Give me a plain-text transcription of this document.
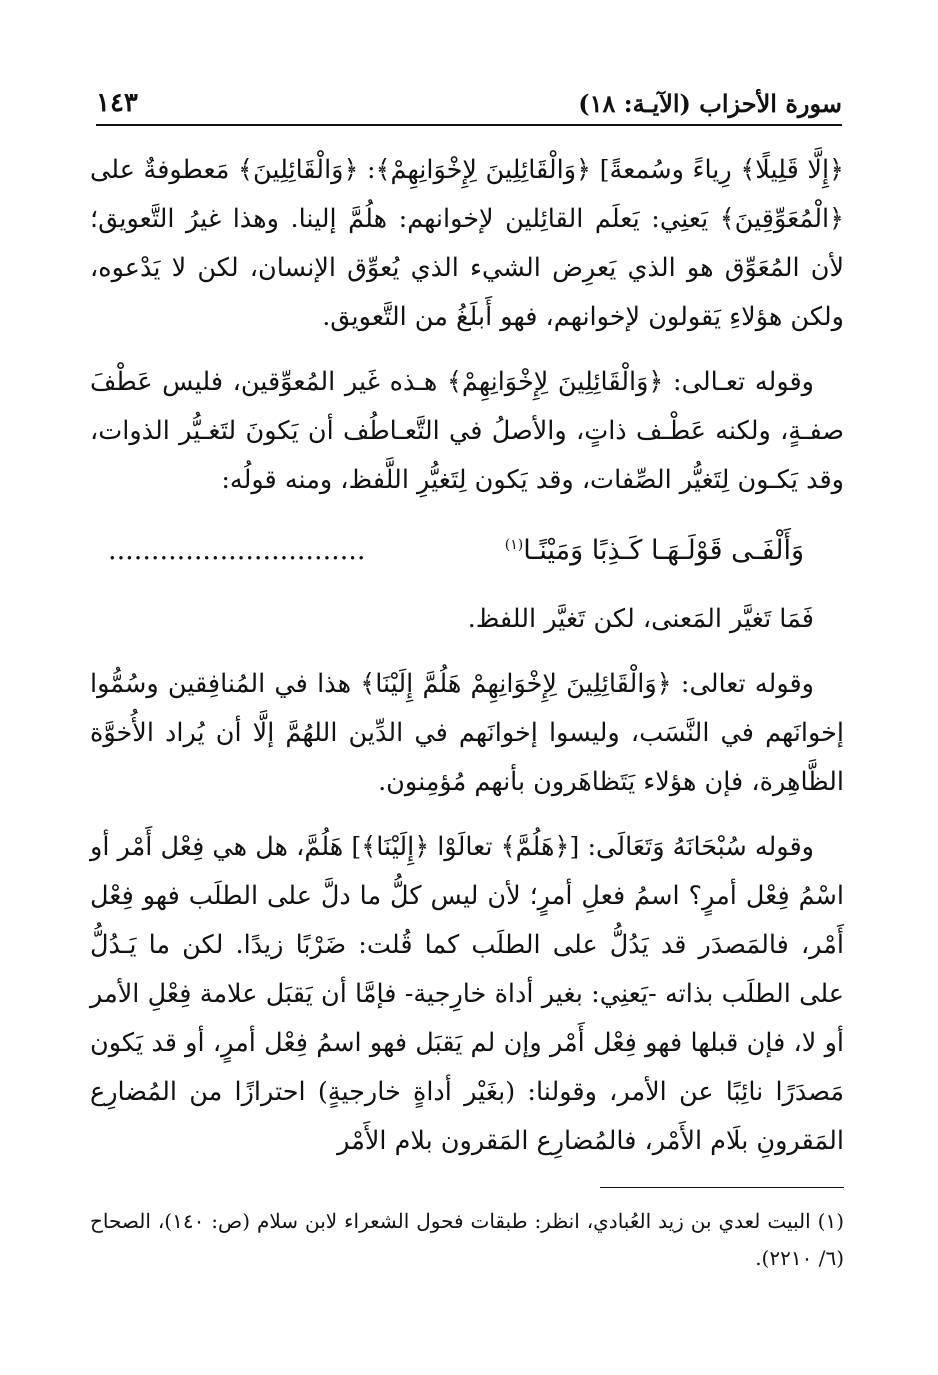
سورة الأحزاب (الآيـة: ١٨)
١٤٣

﴿إِلَّا قَلِيلًا﴾ رِياءً وسُمعةً] ﴿وَالْقَائِلِينَ لِإِخْوَانِهِمْ﴾: ﴿وَالْقَائِلِينَ﴾ مَعطوفةٌ على ﴿الْمُعَوِّقِينَ﴾ يَعنِي: يَعلَم القائِلين لإخوانهم: هلُمَّ إلينا. وهذا غيرُ التَّعويق؛ لأن المُعَوِّق هو الذي يَعرِض الشيء الذي يُعوِّق الإنسان، لكن لا يَدْعوه، ولكن هؤلاءِ يَقولون لإخوانهم، فهو أَبلَغُ من التَّعويق.

وقوله تعـالى: ﴿وَالْقَائِلِينَ لِإِخْوَانِهِمْ﴾ هـذه غَير المُعوِّقين، فليس عَطْفَ صفـةٍ، ولكنه عَطْـف ذاتٍ، والأصلُ في التَّعـاطُف أن يَكونَ لتَغـيُّر الذوات، وقد يَكـون لِتَغيُّر الصِّفات، وقد يَكون لِتَغيُّرِ اللَّفظ، ومنه قولُه:

وَأَلْفَـى قَوْلَـهَـا كَـذِبًا وَمَيْنًـا$^{(١)}$
..............................

فَمَا تَغيَّر المَعنى، لكن تَغيَّر اللفظ.

وقوله تعالى: ﴿وَالْقَائِلِينَ لِإِخْوَانِهِمْ هَلُمَّ إِلَيْنَا﴾ هذا في المُنافِقين وسُمُّوا إخوانَهم في النَّسَب، وليسوا إخوانَهم في الدِّين اللهُمَّ إلَّا أن يُراد الأُخوَّة الظَّاهِرة، فإن هؤلاء يَتَظاهَرون بأنهم مُؤمِنون.

وقوله سُبْحَانَهُ وَتَعَالَى: [﴿هَلُمَّ﴾ تعالَوْا ﴿إِلَيْنَا﴾] هَلُمَّ، هل هي فِعْل أَمْر أو اسْمُ فِعْل أمرٍ؟ اسمُ فعلِ أمرٍ؛ لأن ليس كلُّ ما دلَّ على الطلَب فهو فِعْل أَمْر، فالمَصدَر قد يَدُلُّ على الطلَب كما قُلت: ضَرْبًا زيدًا. لكن ما يَـدُلُّ على الطلَب بذاته -يَعنِي: بغير أداة خارِجية- فإمَّا أن يَقبَل علامة فِعْلِ الأمر أو لا، فإن قبلها فهو فِعْل أَمْر وإن لم يَقبَل فهو اسمُ فِعْل أمرٍ، أو قد يَكون مَصدَرًا نائِبًا عن الأمر، وقولنا: (بغَيْر أداةٍ خارجيةٍ) احترازًا من المُضارِع المَقرونِ بلَام الأَمْر، فالمُضارِع المَقرون بلام الأَمْر

(١) البيت لعدي بن زيد العُبادي، انظر: طبقات فحول الشعراء لابن سلام (ص: ١٤٠)، الصحاح (٦/ ٢٢١٠).
